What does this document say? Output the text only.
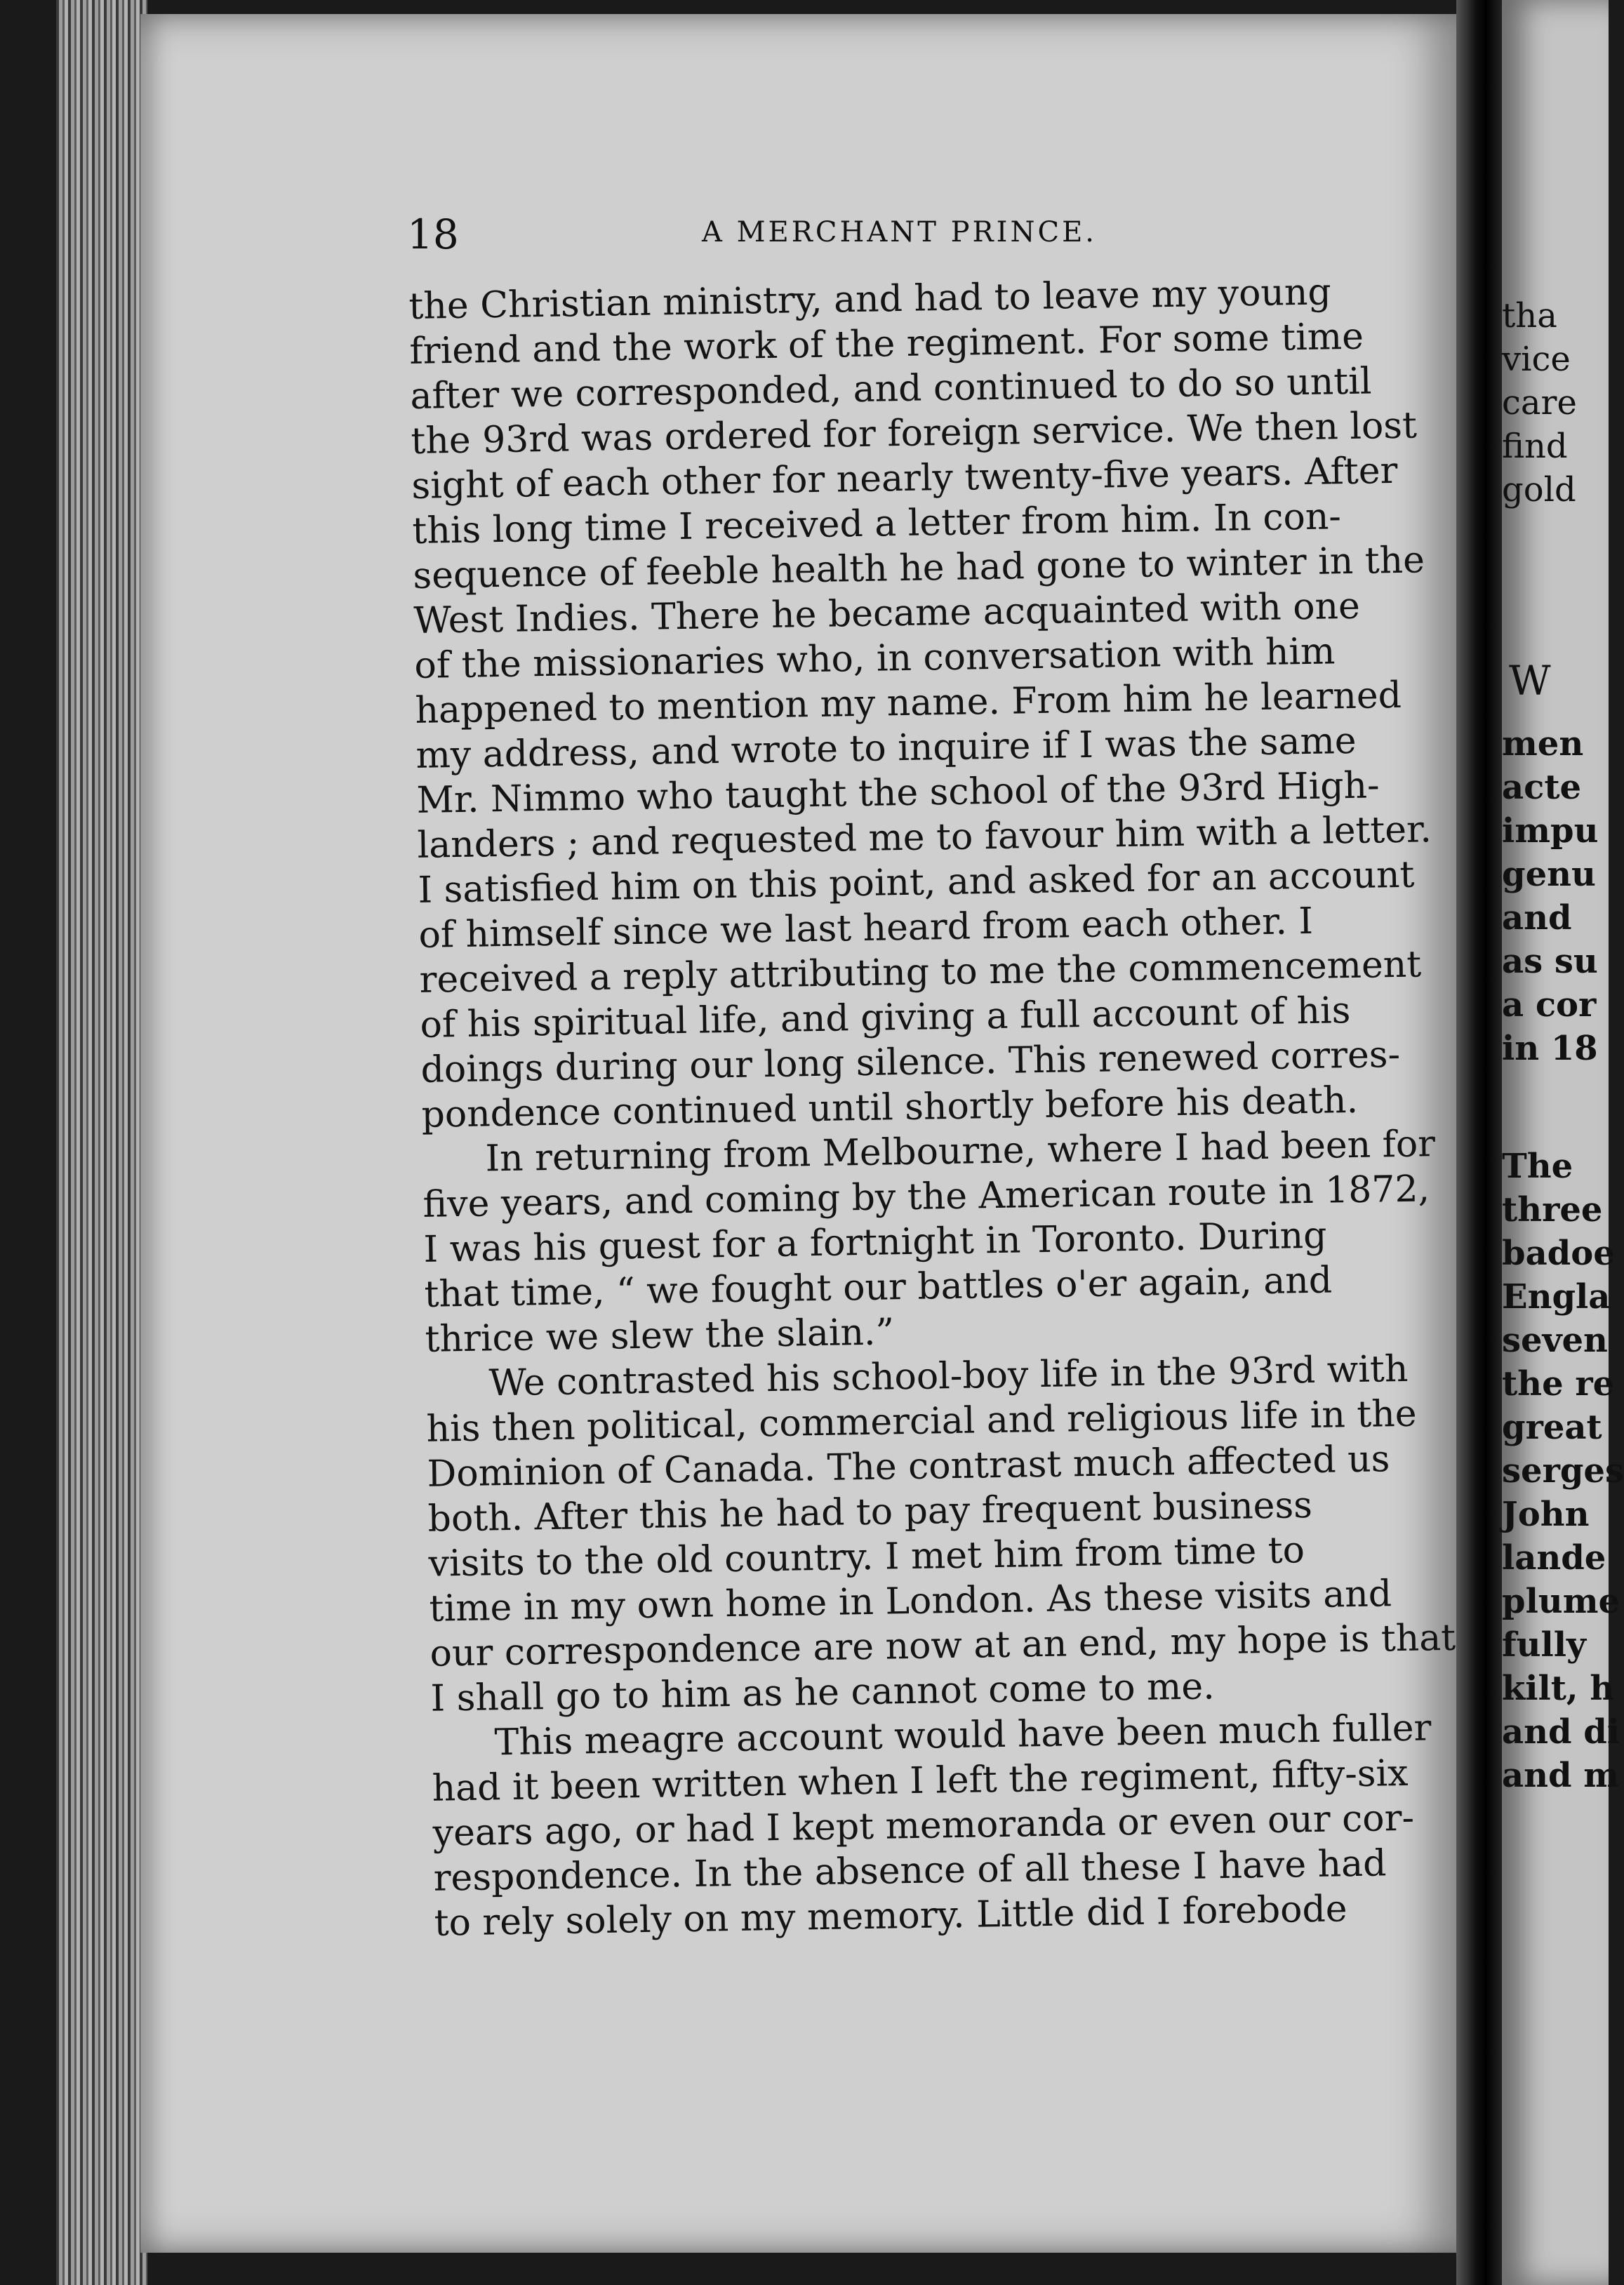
18	A MERCHANT PRINCE.
the Christian ministry, and had to leave my young
friend and the work of the regiment. For some time
after we corresponded, and continued to do so until
the 93rd was ordered for foreign service. We then lost
sight of each other for nearly twenty-five years. After
this long time I received a letter from him. In con-
sequence of feeble health he had gone to winter in the
West Indies. There he became acquainted with one
of the missionaries who, in conversation with him
happened to mention my name. From him he learned
my address, and wrote to inquire if I was the same
Mr. Nimmo who taught the school of the 93rd High-
landers ; and requested me to favour him with a letter.
I satisfied him on this point, and asked for an account
of himself since we last heard from each other. I
received a reply attributing to me the commencement
of his spiritual life, and giving a full account of his
doings during our long silence. This renewed corres-
pondence continued until shortly before his death.
In returning from Melbourne, where I had been for
five years, and coming by the American route in 1872,
I was his guest for a fortnight in Toronto. During
that time, “ we fought our battles o'er again, and
thrice we slew the slain.”
We contrasted his school-boy life in the 93rd with
his then political, commercial and religious life in the
Dominion of Canada. The contrast much affected us
both. After this he had to pay frequent business
visits to the old country. I met him from time to
time in my own home in London. As these visits and
our correspondence are now at an end, my hope is that
I shall go to him as he cannot come to me.
This meagre account would have been much fuller
had it been written when I left the regiment, fifty-six
years ago, or had I kept memoranda or even our cor-
respondence. In the absence of all these I have had
to rely solely on my memory. Little did I forebode
tha
vice
care
find
gold
W
men
acte
impu
genu
and
as su
a cor
in 18
The
three
badoe
Engla
seven
the re
great
serges
John
lande
plume
fully
kilt, h
and di
and m
